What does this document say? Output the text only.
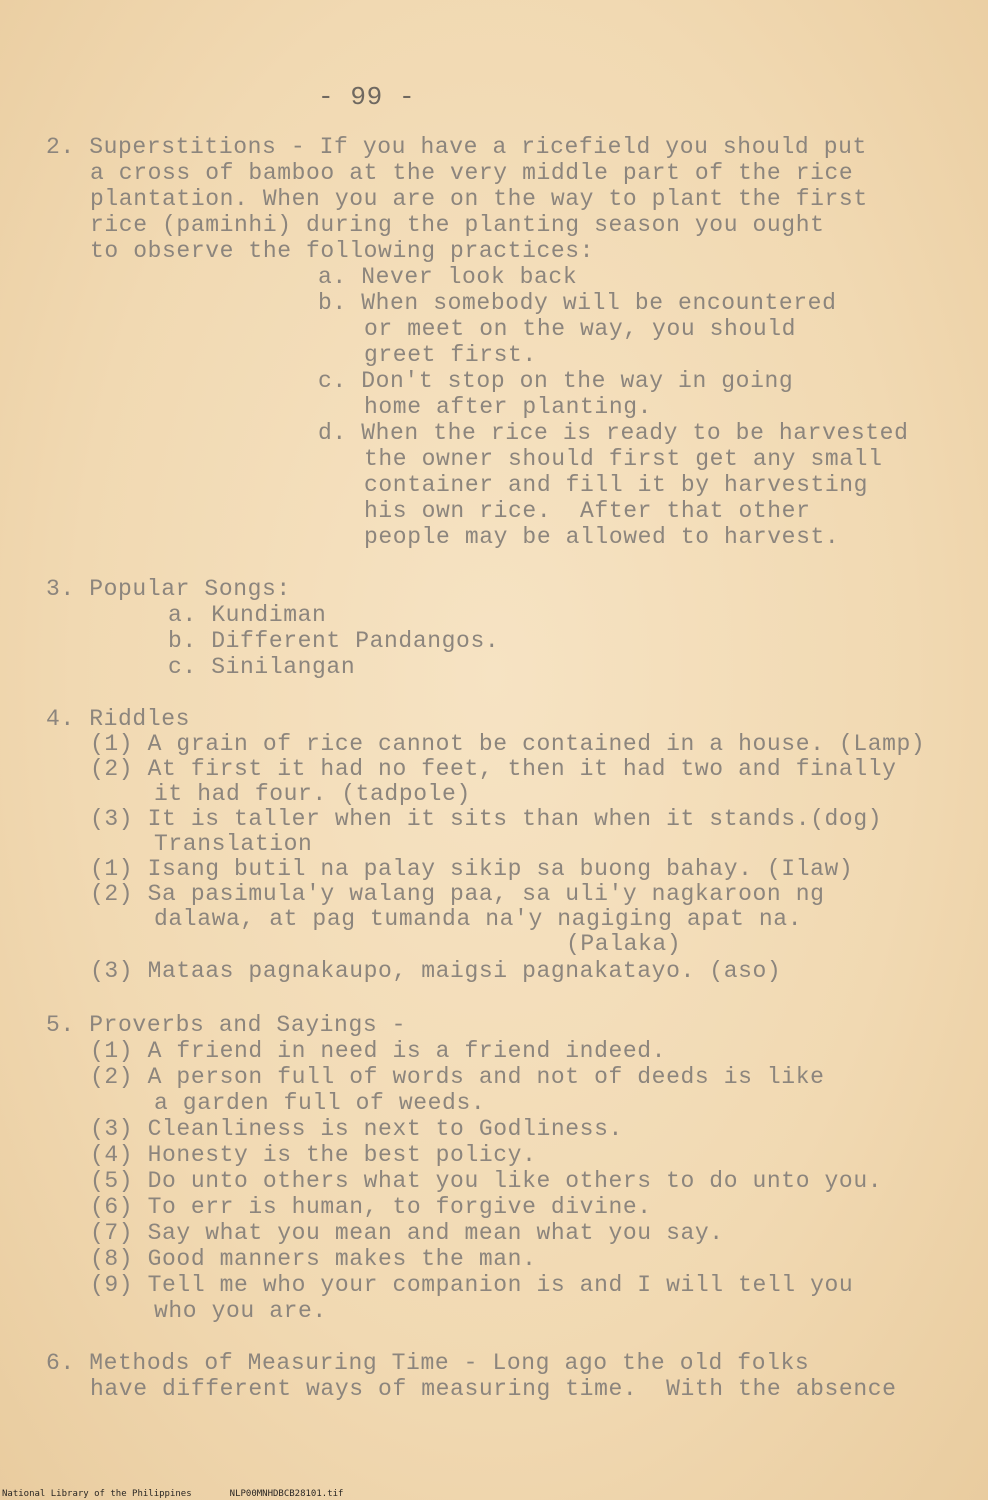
- 99 -
2. Superstitions - If you have a ricefield you should put
a cross of bamboo at the very middle part of the rice
plantation. When you are on the way to plant the first
rice (paminhi) during the planting season you ought
to observe the following practices:
a. Never look back
b. When somebody will be encountered
or meet on the way, you should
greet first.
c. Don't stop on the way in going
home after planting.
d. When the rice is ready to be harvested
the owner should first get any small
container and fill it by harvesting
his own rice.  After that other
people may be allowed to harvest.
3. Popular Songs:
a. Kundiman
b. Different Pandangos.
c. Sinilangan
4. Riddles
(1) A grain of rice cannot be contained in a house. (Lamp)
(2) At first it had no feet, then it had two and finally
it had four. (tadpole)
(3) It is taller when it sits than when it stands.(dog)
Translation
(1) Isang butil na palay sikip sa buong bahay. (Ilaw)
(2) Sa pasimula'y walang paa, sa uli'y nagkaroon ng
dalawa, at pag tumanda na'y nagiging apat na.
(Palaka)
(3) Mataas pagnakaupo, maigsi pagnakatayo. (aso)
5. Proverbs and Sayings -
(1) A friend in need is a friend indeed.
(2) A person full of words and not of deeds is like
a garden full of weeds.
(3) Cleanliness is next to Godliness.
(4) Honesty is the best policy.
(5) Do unto others what you like others to do unto you.
(6) To err is human, to forgive divine.
(7) Say what you mean and mean what you say.
(8) Good manners makes the man.
(9) Tell me who your companion is and I will tell you
who you are.
6. Methods of Measuring Time - Long ago the old folks
have different ways of measuring time.  With the absence
National Library of the Philippines	NLP00MNHDBCB28101.tif
